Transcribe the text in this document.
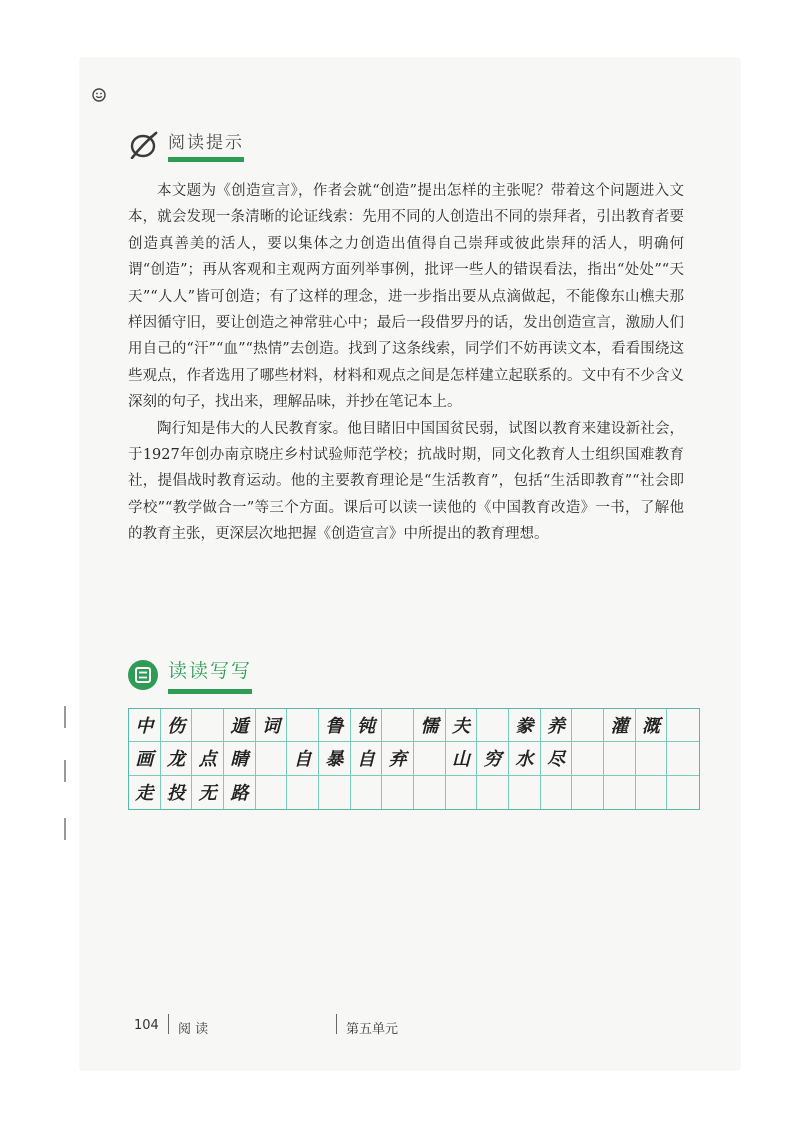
阅读提示

本文题为《创造宣言》，作者会就“创造”提出怎样的主张呢？带着这个问题进入文本，就会发现一条清晰的论证线索：先用不同的人创造出不同的崇拜者，引出教育者要创造真善美的活人，要以集体之力创造出值得自己崇拜或彼此崇拜的活人，明确何谓“创造”；再从客观和主观两方面列举事例，批评一些人的错误看法，指出“处处”“天天”“人人”皆可创造；有了这样的理念，进一步指出要从点滴做起，不能像东山樵夫那样因循守旧，要让创造之神常驻心中；最后一段借罗丹的话，发出创造宣言，激励人们用自己的“汗”“血”“热情”去创造。找到了这条线索，同学们不妨再读文本，看看围绕这些观点，作者选用了哪些材料，材料和观点之间是怎样建立起联系的。文中有不少含义深刻的句子，找出来，理解品味，并抄在笔记本上。

陶行知是伟大的人民教育家。他目睹旧中国国贫民弱，试图以教育来建设新社会，于1927年创办南京晓庄乡村试验师范学校；抗战时期，同文化教育人士组织国难教育社，提倡战时教育运动。他的主要教育理论是“生活教育”，包括“生活即教育”“社会即学校”“教学做合一”等三个方面。课后可以读一读他的《中国教育改造》一书，了解他的教育主张，更深层次地把握《创造宣言》中所提出的教育理想。

读读写写
中 伤	遁 词	鲁 钝	懦 夫	豢 养	灌 溉
画 龙 点 睛	自 暴 自 弃	山 穷 水 尽
走 投 无 路
104 阅 读	第五单元
